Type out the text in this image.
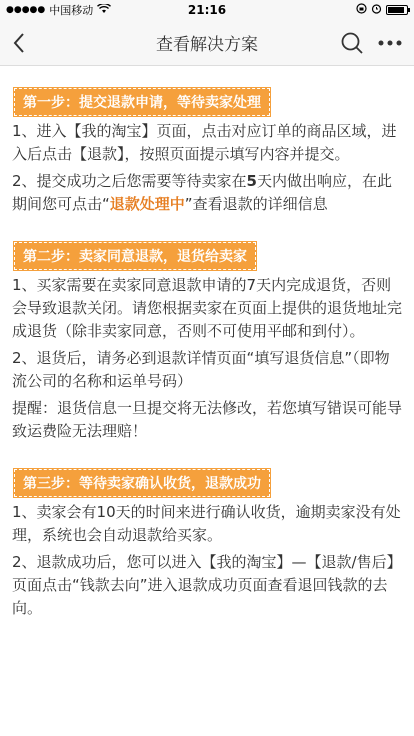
●●●●● 中国移动	21:16
查看解决方案
第一步：提交退款申请，等待卖家处理

1、进入【我的淘宝】页面，点击对应订单的商品区域，进入后点击【退款】，按照页面提示填写内容并提交。

2、提交成功之后您需要等待卖家在5天内做出响应，在此期间您可点击“退款处理中”查看退款的详细信息

第二步：卖家同意退款，退货给卖家

1、买家需要在卖家同意退款申请的7天内完成退货，否则会导致退款关闭。请您根据卖家在页面上提供的退货地址完成退货（除非卖家同意，否则不可使用平邮和到付）。

2、退货后，请务必到退款详情页面“填写退货信息”（即物流公司的名称和运单号码）

提醒：退货信息一旦提交将无法修改，若您填写错误可能导致运费险无法理赔！

第三步：等待卖家确认收货，退款成功

1、卖家会有10天的时间来进行确认收货，逾期卖家没有处理，系统也会自动退款给买家。

2、退款成功后，您可以进入【我的淘宝】—【退款/售后】页面点击“钱款去向”进入退款成功页面查看退回钱款的去向。
